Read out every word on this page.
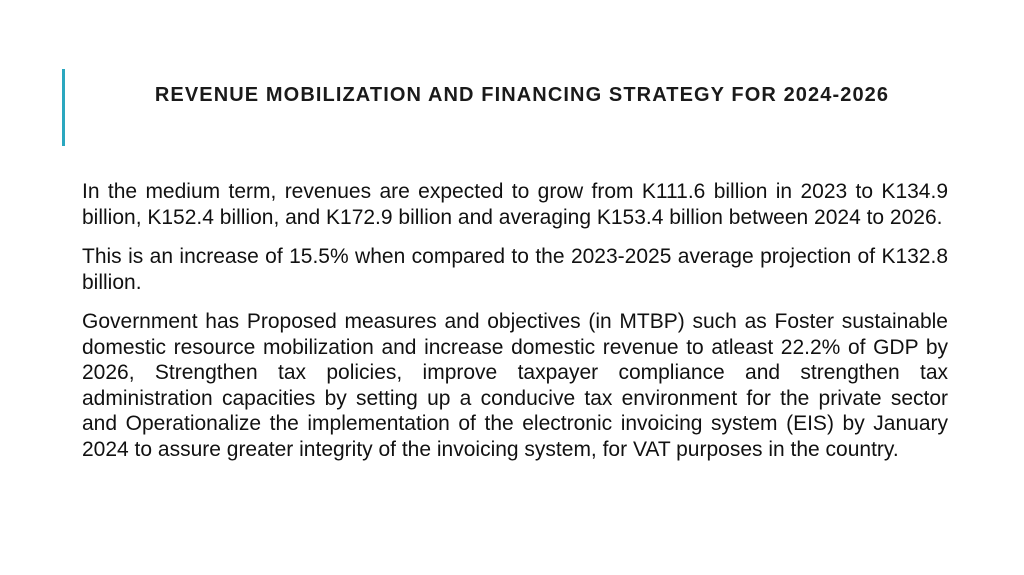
REVENUE MOBILIZATION AND FINANCING STRATEGY FOR 2024-2026

In the medium term, revenues are expected to grow from K111.6 billion in 2023 to K134.9 billion, K152.4 billion, and K172.9 billion and averaging K153.4 billion between 2024 to 2026.

This is an increase of 15.5% when compared to the 2023-2025 average projection of K132.8 billion.

Government has Proposed measures and objectives (in MTBP) such as Foster sustainable domestic resource mobilization and increase domestic revenue to atleast 22.2% of GDP by 2026, Strengthen tax policies, improve taxpayer compliance and strengthen tax administration capacities by setting up a conducive tax environment for the private sector and Operationalize the implementation of the electronic invoicing system (EIS) by January 2024 to assure greater integrity of the invoicing system, for VAT purposes in the country.
